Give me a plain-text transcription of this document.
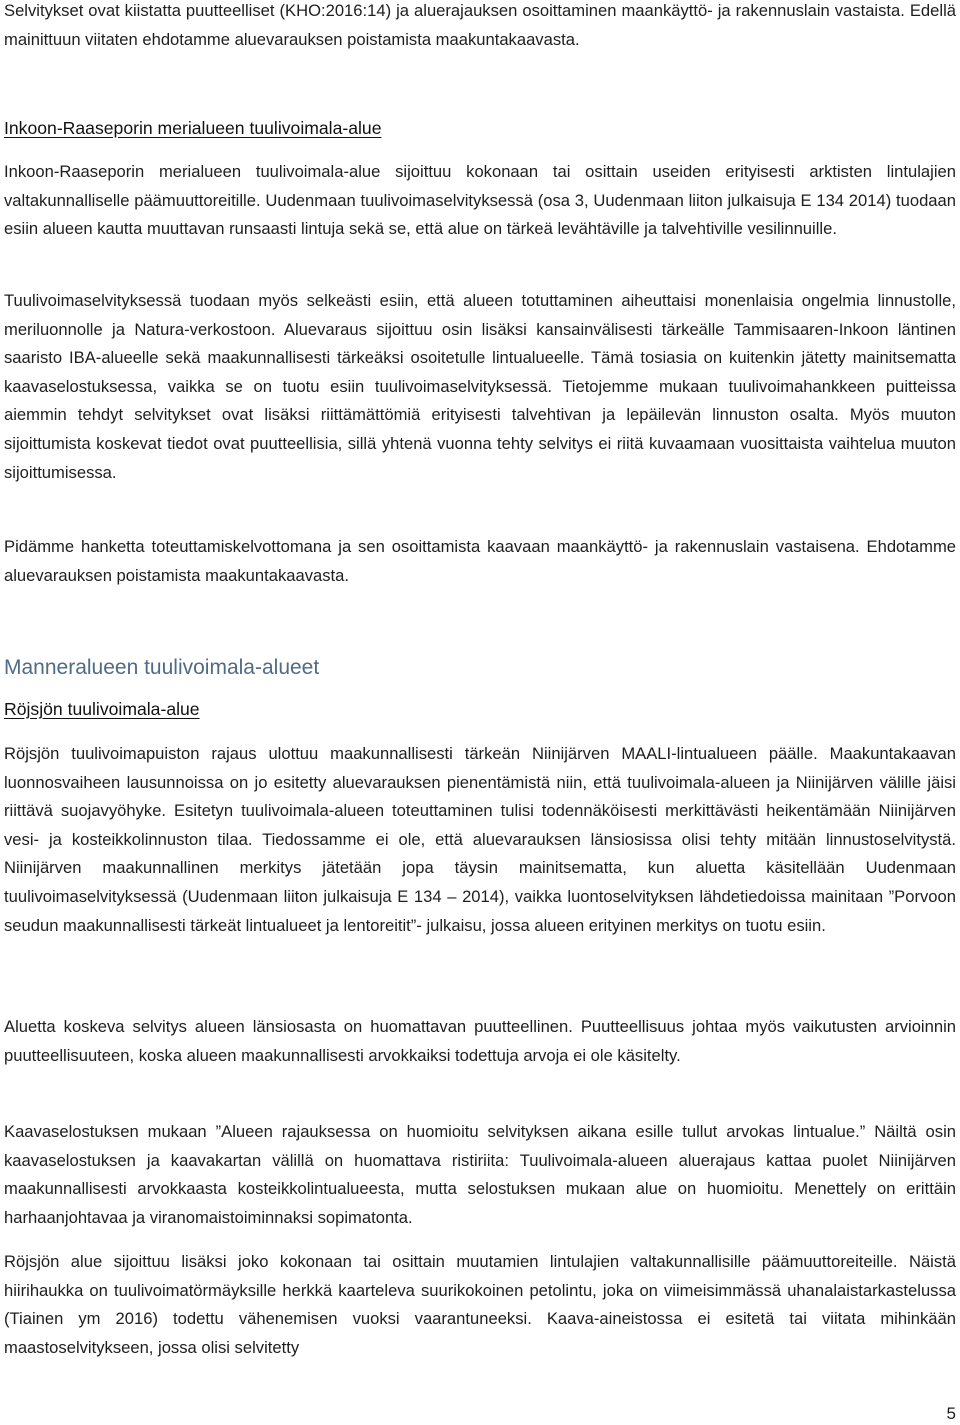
Selvitykset ovat kiistatta puutteelliset (KHO:2016:14) ja aluerajauksen osoittaminen maankäyttö- ja rakennuslain vastaista. Edellä mainittuun viitaten ehdotamme aluevarauksen poistamista maakuntakaavasta.

Inkoon-Raaseporin merialueen tuulivoimala-alue

Inkoon-Raaseporin merialueen tuulivoimala-alue sijoittuu kokonaan tai osittain useiden erityisesti arktisten lintulajien valtakunnalliselle päämuuttoreitille. Uudenmaan tuulivoimaselvityksessä (osa 3, Uudenmaan liiton julkaisuja E 134 2014) tuodaan esiin alueen kautta muuttavan runsaasti lintuja sekä se, että alue on tärkeä levähtäville ja talvehtiville vesilinnuille.

Tuulivoimaselvityksessä tuodaan myös selkeästi esiin, että alueen totuttaminen aiheuttaisi monenlaisia ongelmia linnustolle, meriluonnolle ja Natura-verkostoon. Aluevaraus sijoittuu osin lisäksi kansainvälisesti tärkeälle Tammisaaren-Inkoon läntinen saaristo IBA-alueelle sekä maakunnallisesti tärkeäksi osoitetulle lintualueelle. Tämä tosiasia on kuitenkin jätetty mainitsematta kaavaselostuksessa, vaikka se on tuotu esiin tuulivoimaselvityksessä. Tietojemme mukaan tuulivoimahankkeen puitteissa aiemmin tehdyt selvitykset ovat lisäksi riittämättömiä erityisesti talvehtivan ja lepäilevän linnuston osalta. Myös muuton sijoittumista koskevat tiedot ovat puutteellisia, sillä yhtenä vuonna tehty selvitys ei riitä kuvaamaan vuosittaista vaihtelua muuton sijoittumisessa.

Pidämme hanketta toteuttamiskelvottomana ja sen osoittamista kaavaan maankäyttö- ja rakennuslain vastaisena. Ehdotamme aluevarauksen poistamista maakuntakaavasta.

Manneralueen tuulivoimala-alueet
Röjsjön tuulivoimala-alue

Röjsjön tuulivoimapuiston rajaus ulottuu maakunnallisesti tärkeän Niinijärven MAALI-lintualueen päälle. Maakuntakaavan luonnosvaiheen lausunnoissa on jo esitetty aluevarauksen pienentämistä niin, että tuulivoimala-alueen ja Niinijärven välille jäisi riittävä suojavyöhyke. Esitetyn tuulivoimala-alueen toteuttaminen tulisi todennäköisesti merkittävästi heikentämään Niinijärven vesi- ja kosteikkolinnuston tilaa. Tiedossamme ei ole, että aluevarauksen länsiosissa olisi tehty mitään linnustoselvitystä. Niinijärven maakunnallinen merkitys jätetään jopa täysin mainitsematta, kun aluetta käsitellään Uudenmaan tuulivoimaselvityksessä (Uudenmaan liiton julkaisuja E 134 – 2014), vaikka luontoselvityksen lähdetiedoissa mainitaan ”Porvoon seudun maakunnallisesti tärkeät lintualueet ja lentoreitit”- julkaisu, jossa alueen erityinen merkitys on tuotu esiin.

Aluetta koskeva selvitys alueen länsiosasta on huomattavan puutteellinen. Puutteellisuus johtaa myös vaikutusten arvioinnin puutteellisuuteen, koska alueen maakunnallisesti arvokkaiksi todettuja arvoja ei ole käsitelty.

Kaavaselostuksen mukaan ”Alueen rajauksessa on huomioitu selvityksen aikana esille tullut arvokas lintualue.” Näiltä osin kaavaselostuksen ja kaavakartan välillä on huomattava ristiriita: Tuulivoimala-alueen aluerajaus kattaa puolet Niinijärven maakunnallisesti arvokkaasta kosteikkolintualueesta, mutta selostuksen mukaan alue on huomioitu. Menettely on erittäin harhaanjohtavaa ja viranomaistoiminnaksi sopimatonta.

Röjsjön alue sijoittuu lisäksi joko kokonaan tai osittain muutamien lintulajien valtakunnallisille päämuuttoreiteille. Näistä hiirihaukka on tuulivoimatörmäyksille herkkä kaarteleva suurikokoinen petolintu, joka on viimeisimmässä uhanalaistarkastelussa (Tiainen ym 2016) todettu vähenemisen vuoksi vaarantuneeksi. Kaava-aineistossa ei esitetä tai viitata mihinkään maastoselvitykseen, jossa olisi selvitetty

5
